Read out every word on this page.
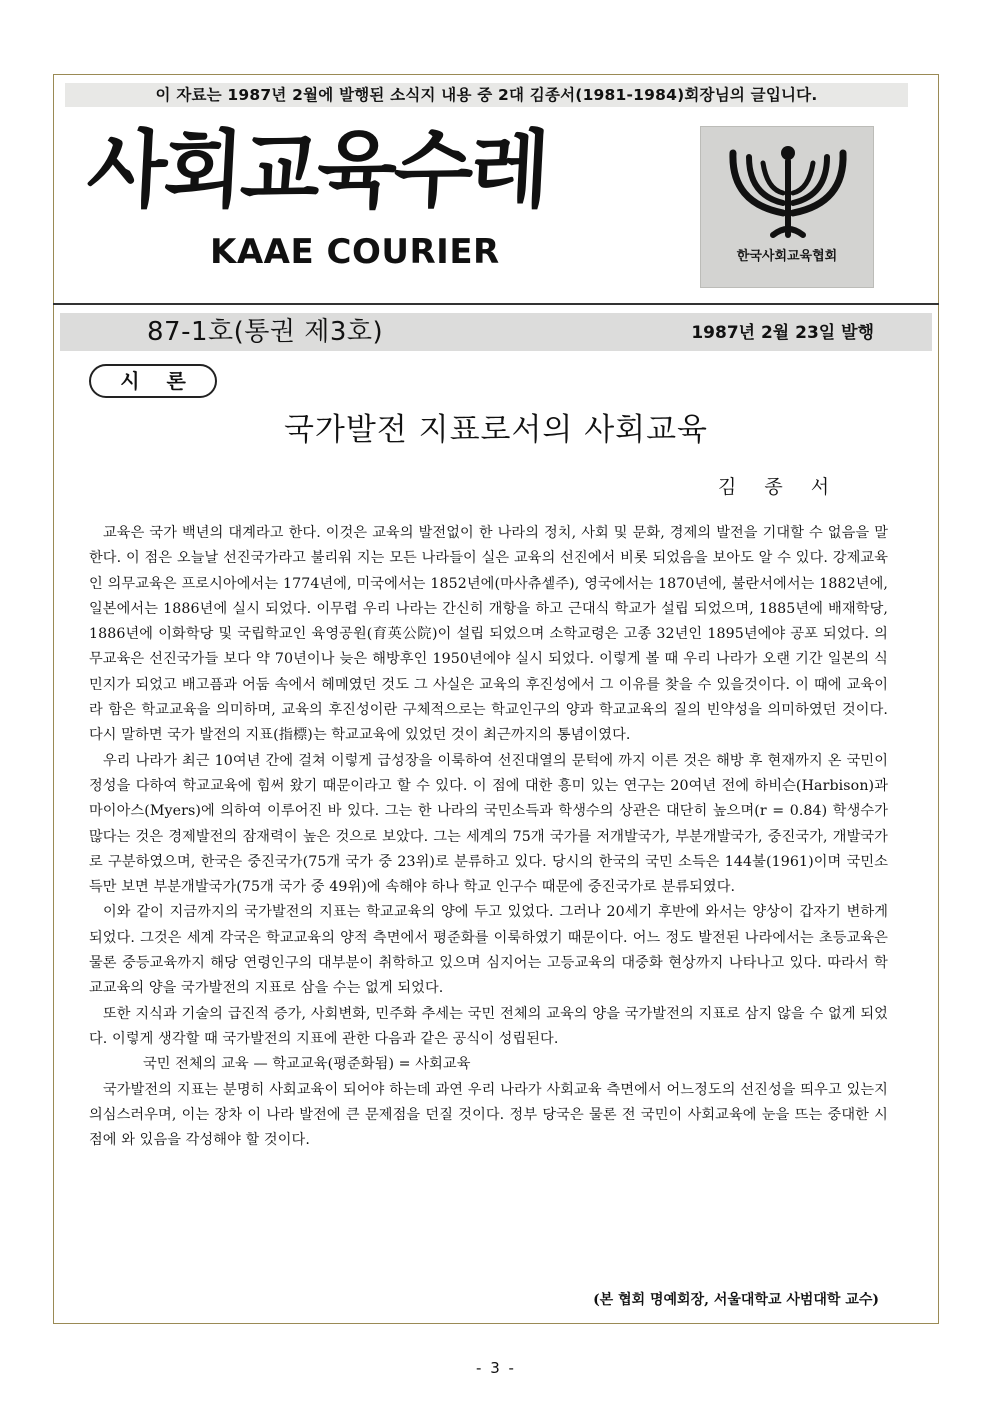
이 자료는 1987년 2월에 발행된 소식지 내용 중 2대 김종서(1981-1984)회장님의 글입니다.
사회교육수레
KAAE COURIER	한국사회교육협회
87-1호(통권 제3호)	1987년 2월 23일 발행
시 론
국가발전 지표로서의 사회교육
김종서

교육은 국가 백년의 대계라고 한다. 이것은 교육의 발전없이 한 나라의 정치, 사회 및 문화, 경제의 발전을 기대할 수 없음을 말한다. 이 점은 오늘날 선진국가라고 불리워 지는 모든 나라들이 실은 교육의 선진에서 비롯 되었음을 보아도 알 수 있다. 강제교육인 의무교육은 프로시아에서는 1774년에, 미국에서는 1852년에(마사츄셑주), 영국에서는 1870년에, 불란서에서는 1882년에, 일본에서는 1886년에 실시 되었다. 이무렵 우리 나라는 간신히 개항을 하고 근대식 학교가 설립 되었으며, 1885년에 배재학당, 1886년에 이화학당 및 국립학교인 육영공원(育英公院)이 설립 되었으며 소학교령은 고종 32년인 1895년에야 공포 되었다. 의무교육은 선진국가들 보다 약 70년이나 늦은 해방후인 1950년에야 실시 되었다. 이렇게 볼 때 우리 나라가 오랜 기간 일본의 식민지가 되었고 배고픔과 어둠 속에서 헤메였던 것도 그 사실은 교육의 후진성에서 그 이유를 찾을 수 있을것이다. 이 때에 교육이라 함은 학교교육을 의미하며, 교육의 후진성이란 구체적으로는 학교인구의 양과 학교교육의 질의 빈약성을 의미하였던 것이다. 다시 말하면 국가 발전의 지표(指標)는 학교교육에 있었던 것이 최근까지의 통념이였다.

우리 나라가 최근 10여년 간에 걸쳐 이렇게 급성장을 이룩하여 선진대열의 문턱에 까지 이른 것은 해방 후 현재까지 온 국민이 정성을 다하여 학교교육에 힘써 왔기 때문이라고 할 수 있다. 이 점에 대한 흥미 있는 연구는 20여년 전에 하비슨(Harbison)과 마이아스(Myers)에 의하여 이루어진 바 있다. 그는 한 나라의 국민소득과 학생수의 상관은 대단히 높으며(r = 0.84) 학생수가 많다는 것은 경제발전의 잠재력이 높은 것으로 보았다. 그는 세계의 75개 국가를 저개발국가, 부분개발국가, 중진국가, 개발국가로 구분하였으며, 한국은 중진국가(75개 국가 중 23위)로 분류하고 있다. 당시의 한국의 국민 소득은 144불(1961)이며 국민소득만 보면 부분개발국가(75개 국가 중 49위)에 속해야 하나 학교 인구수 때문에 중진국가로 분류되였다.

이와 같이 지금까지의 국가발전의 지표는 학교교육의 양에 두고 있었다. 그러나 20세기 후반에 와서는 양상이 갑자기 변하게 되었다. 그것은 세계 각국은 학교교육의 양적 측면에서 평준화를 이룩하였기 때문이다. 어느 정도 발전된 나라에서는 초등교육은 물론 중등교육까지 해당 연령인구의 대부분이 취학하고 있으며 심지어는 고등교육의 대중화 현상까지 나타나고 있다. 따라서 학교교육의 양을 국가발전의 지표로 삼을 수는 없게 되었다.

또한 지식과 기술의 급진적 증가, 사회변화, 민주화 추세는 국민 전체의 교육의 양을 국가발전의 지표로 삼지 않을 수 없게 되었다. 이렇게 생각할 때 국가발전의 지표에 관한 다음과 같은 공식이 성립된다.

국민 전체의 교육 — 학교교육(평준화됨) = 사회교육

국가발전의 지표는 분명히 사회교육이 되어야 하는데 과연 우리 나라가 사회교육 측면에서 어느정도의 선진성을 띄우고 있는지 의심스러우며, 이는 장차 이 나라 발전에 큰 문제점을 던질 것이다. 정부 당국은 물론 전 국민이 사회교육에 눈을 뜨는 중대한 시점에 와 있음을 각성해야 할 것이다.

(본 협회 명예회장, 서울대학교 사범대학 교수)
- 3 -
